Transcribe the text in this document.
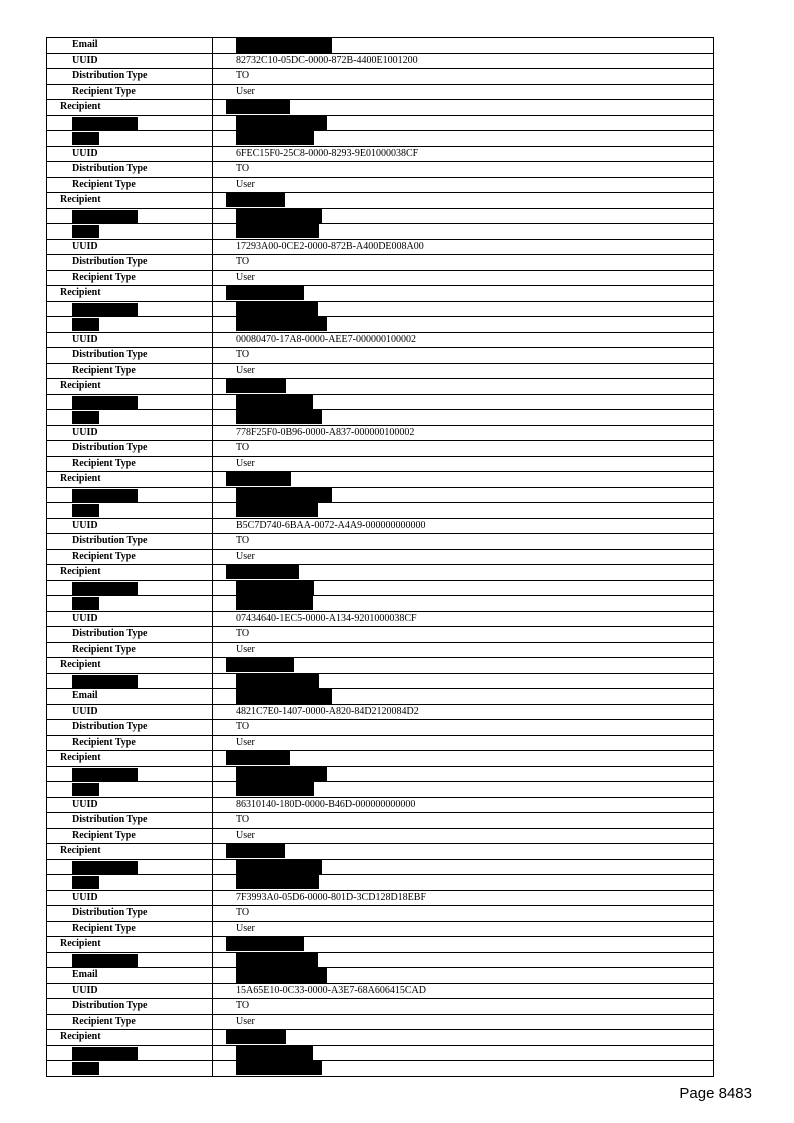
Email
UUID	82732C10-05DC-0000-872B-4400E1001200
Distribution Type	TO
Recipient Type	User
Recipient
UUID	6FEC15F0-25C8-0000-8293-9E01000038CF
Distribution Type	TO
Recipient Type	User
Recipient
UUID	17293A00-0CE2-0000-872B-A400DE008A00
Distribution Type	TO
Recipient Type	User
Recipient
UUID	00080470-17A8-0000-AEE7-000000100002
Distribution Type	TO
Recipient Type	User
Recipient
UUID	778F25F0-0B96-0000-A837-000000100002
Distribution Type	TO
Recipient Type	User
Recipient
UUID	B5C7D740-6BAA-0072-A4A9-000000000000
Distribution Type	TO
Recipient Type	User
Recipient
UUID	07434640-1EC5-0000-A134-9201000038CF
Distribution Type	TO
Recipient Type	User
Recipient
Email
UUID	4821C7E0-1407-0000-A820-84D2120084D2
Distribution Type	TO
Recipient Type	User
Recipient
UUID	86310140-180D-0000-B46D-000000000000
Distribution Type	TO
Recipient Type	User
Recipient
UUID	7F3993A0-05D6-0000-801D-3CD128D18EBF
Distribution Type	TO
Recipient Type	User
Recipient
Email
UUID	15A65E10-0C33-0000-A3E7-68A606415CAD
Distribution Type	TO
Recipient Type	User
Recipient
Page 8483
